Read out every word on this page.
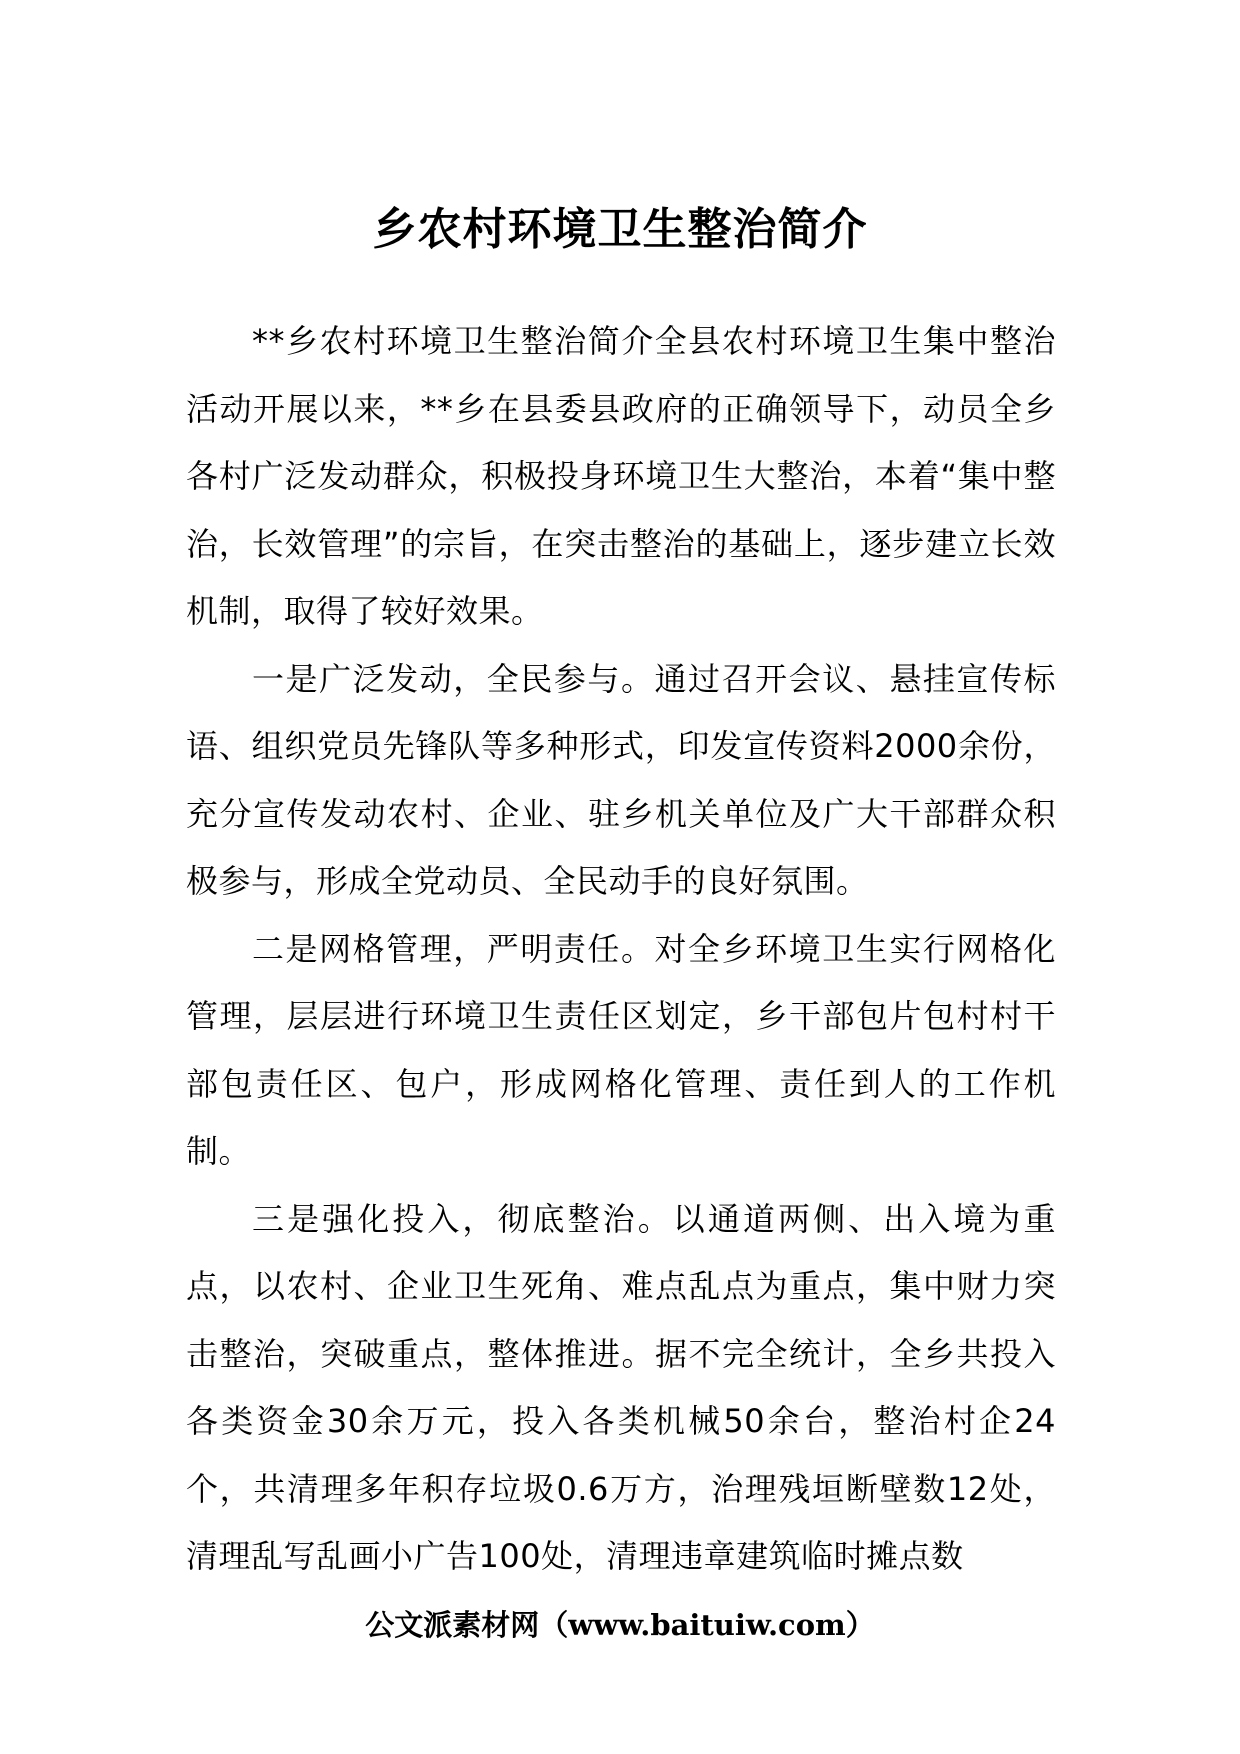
乡农村环境卫生整治简介

**乡农村环境卫生整治简介全县农村环境卫生集中整治活动开展以来，**乡在县委县政府的正确领导下，动员全乡各村广泛发动群众，积极投身环境卫生大整治，本着“集中整治，长效管理”的宗旨，在突击整治的基础上，逐步建立长效机制，取得了较好效果。

一是广泛发动，全民参与。通过召开会议、悬挂宣传标语、组织党员先锋队等多种形式，印发宣传资料2000余份，充分宣传发动农村、企业、驻乡机关单位及广大干部群众积极参与，形成全党动员、全民动手的良好氛围。

二是网格管理，严明责任。对全乡环境卫生实行网格化管理，层层进行环境卫生责任区划定，乡干部包片包村村干部包责任区、包户，形成网格化管理、责任到人的工作机制。

三是强化投入，彻底整治。以通道两侧、出入境为重点，以农村、企业卫生死角、难点乱点为重点，集中财力突击整治，突破重点，整体推进。据不完全统计，全乡共投入各类资金30余万元，投入各类机械50余台，整治村企24个，共清理多年积存垃圾0.6万方，治理残垣断壁数12处，清理乱写乱画小广告100处，清理违章建筑临时摊点数

公文派素材网（www.baituiw.com）
